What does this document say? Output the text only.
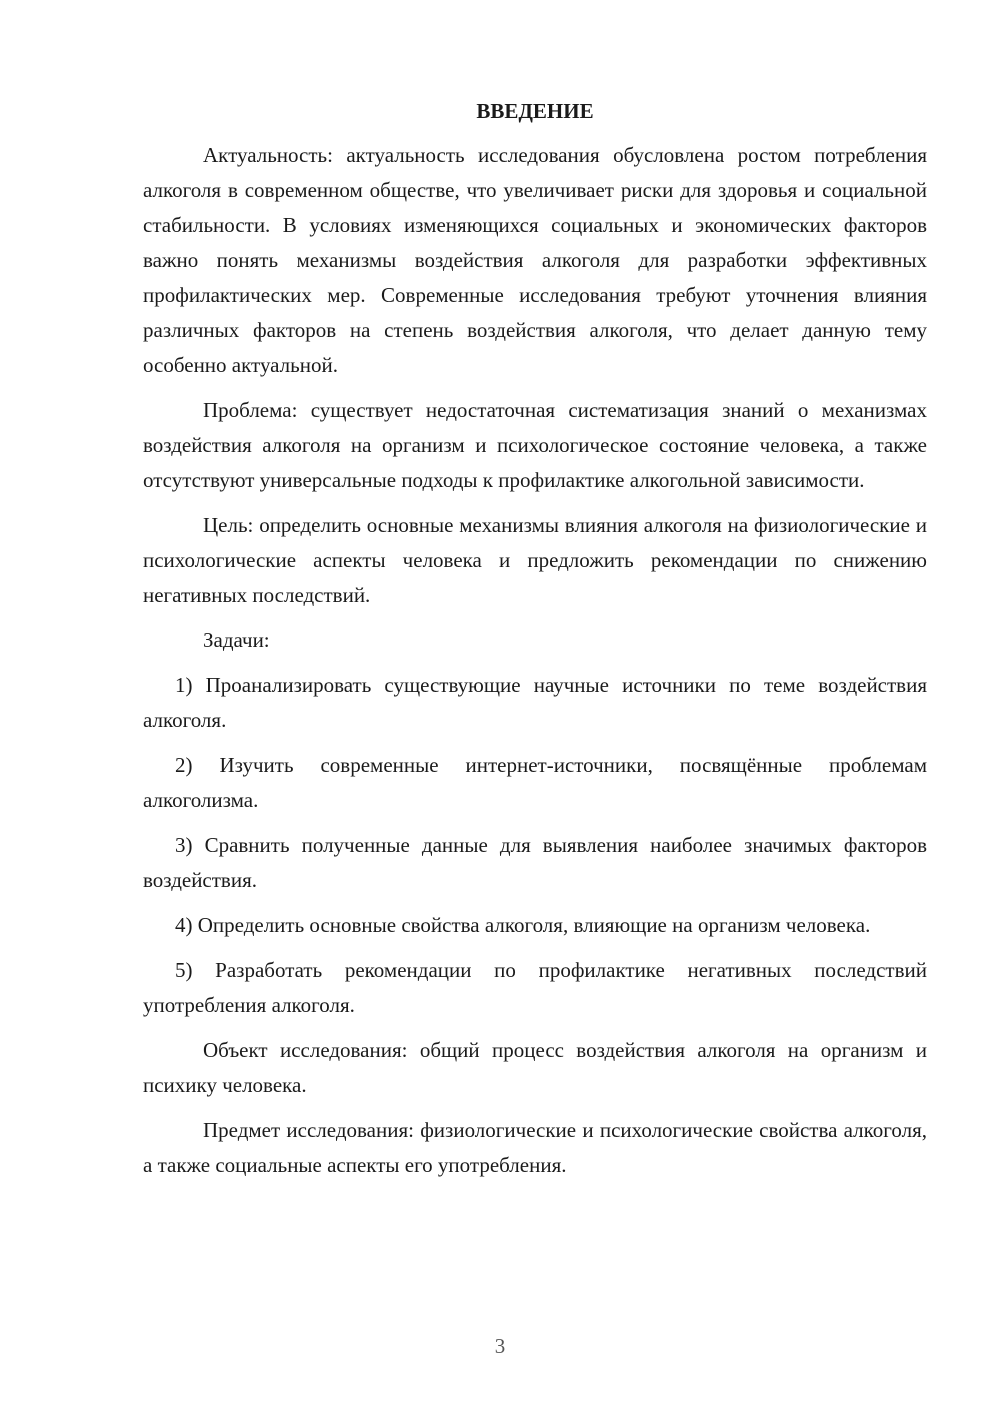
ВВЕДЕНИЕ

Актуальность: актуальность исследования обусловлена ростом потребления алкоголя в современном обществе, что увеличивает риски для здоровья и социальной стабильности. В условиях изменяющихся социальных и экономических факторов важно понять механизмы воздействия алкоголя для разработки эффективных профилактических мер. Современные исследования требуют уточнения влияния различных факторов на степень воздействия алкоголя, что делает данную тему особенно актуальной.

Проблема: существует недостаточная систематизация знаний о механизмах воздействия алкоголя на организм и психологическое состояние человека, а также отсутствуют универсальные подходы к профилактике алкогольной зависимости.

Цель: определить основные механизмы влияния алкоголя на физиологические и психологические аспекты человека и предложить рекомендации по снижению негативных последствий.

Задачи:

1) Проанализировать существующие научные источники по теме воздействия алкоголя.

2) Изучить современные интернет-источники, посвящённые проблемам алкоголизма.

3) Сравнить полученные данные для выявления наиболее значимых факторов воздействия.

4) Определить основные свойства алкоголя, влияющие на организм человека.

5) Разработать рекомендации по профилактике негативных последствий употребления алкоголя.

Объект исследования: общий процесс воздействия алкоголя на организм и психику человека.

Предмет исследования: физиологические и психологические свойства алкоголя, а также социальные аспекты его употребления.

3
